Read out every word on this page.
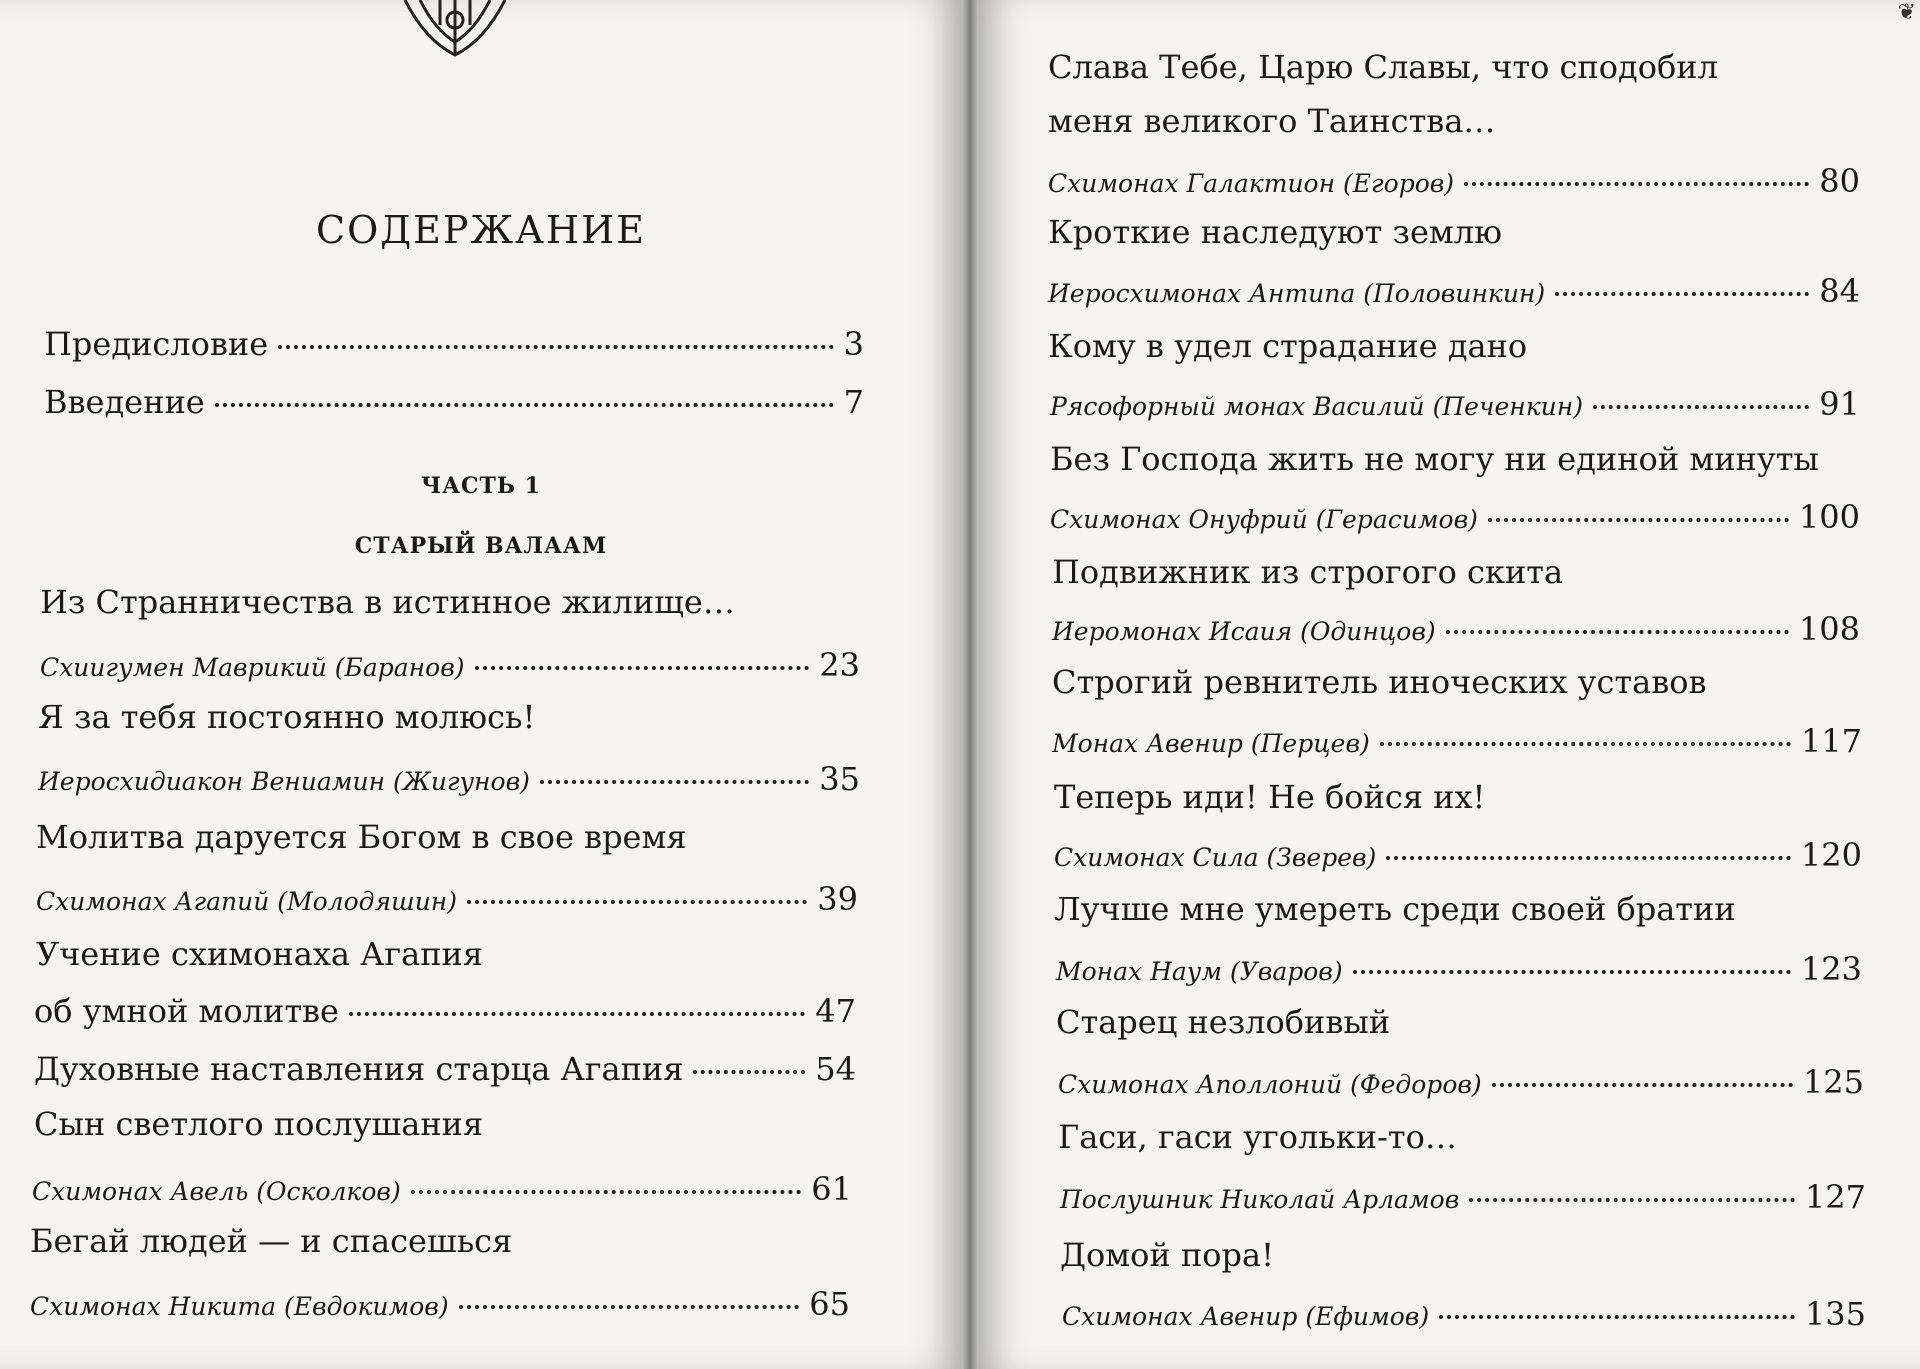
СОДЕРЖАНИЕ
Предисловие	3
Введение	7
ЧАСТЬ 1
СТАРЫЙ ВАЛААМ
Из Странничества в истинное жилище…
Схиигумен Маврикий (Баранов)	23
Я за тебя постоянно молюсь!
Иеросхидиакон Вениамин (Жигунов)	35
Молитва даруется Богом в свое время
Схимонах Агапий (Молодяшин)	39
Учение схимонаха Агапия
об умной молитве	47
Духовные наставления старца Агапия	54
Сын светлого послушания
Схимонах Авель (Осколков)	61
Бегай людей — и спасешься
Схимонах Никита (Евдокимов)	65
❦
Слава Тебе, Царю Славы, что сподобил
меня великого Таинства…
Схимонах Галактион (Егоров)	80
Кроткие наследуют землю
Иеросхимонах Антипа (Половинкин)	84
Кому в удел страдание дано
Рясофорный монах Василий (Печенкин)	91
Без Господа жить не могу ни единой минуты
Схимонах Онуфрий (Герасимов)	100
Подвижник из строгого скита
Иеромонах Исаия (Одинцов)	108
Строгий ревнитель иноческих уставов
Монах Авенир (Перцев)	117
Теперь иди! Не бойся их!
Схимонах Сила (Зверев)	120
Лучше мне умереть среди своей братии
Монах Наум (Уваров)	123
Старец незлобивый
Схимонах Аполлоний (Федоров)	125
Гаси, гаси угольки-то…
Послушник Николай Арламов	127
Домой пора!
Схимонах Авенир (Ефимов)	135
